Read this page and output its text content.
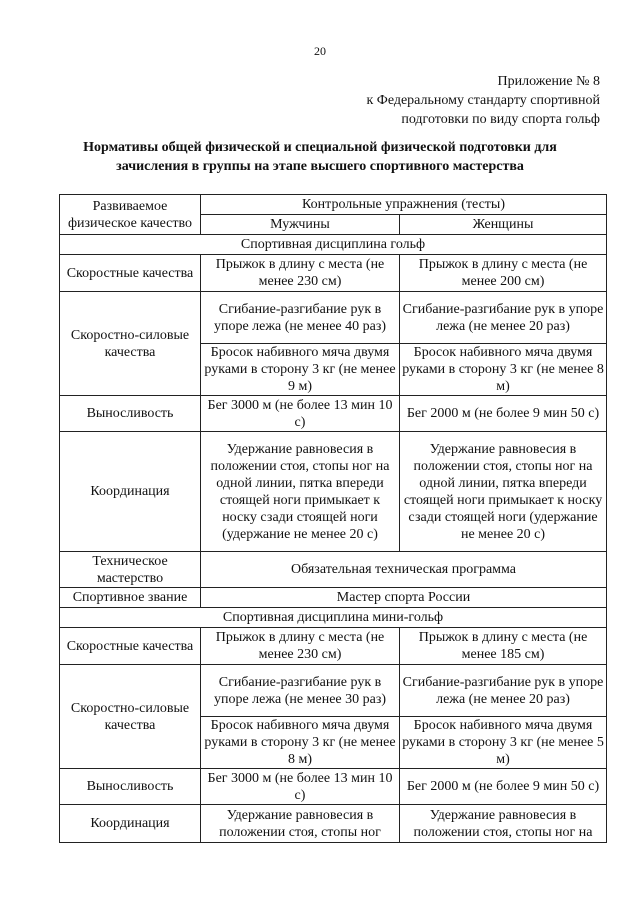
20
Приложение № 8
к Федеральному стандарту спортивной
подготовки по виду спорта гольф
Нормативы общей физической и специальной физической подготовки для
зачисления в группы на этапе высшего спортивного мастерства
Развиваемое физическое качество	Контрольные упражнения (тесты)	
	Мужчины	Женщины
Спортивная дисциплина гольф		
Скоростные качества	Прыжок в длину с места (не менее 230 см)	Прыжок в длину с места (не менее 200 см)
Скоростно-силовые качества	Сгибание-разгибание рук в упоре лежа (не менее 40 раз)	Сгибание-разгибание рук в упоре лежа (не менее 20 раз)
	Бросок набивного мяча двумя руками в сторону 3 кг (не менее 9 м)	Бросок набивного мяча двумя руками в сторону 3 кг (не менее 8 м)
Выносливость	Бег 3000 м (не более 13 мин 10 с)	Бег 2000 м (не более 9 мин 50 с)
Координация	Удержание равновесия в положении стоя, стопы ног на одной линии, пятка впереди стоящей ноги примыкает к носку сзади стоящей ноги (удержание не менее 20 с)	Удержание равновесия в положении стоя, стопы ног на одной линии, пятка впереди стоящей ноги примыкает к носку сзади стоящей ноги (удержание не менее 20 с)
Техническое мастерство	Обязательная техническая программа	
Спортивное звание	Мастер спорта России	
Спортивная дисциплина мини-гольф		
Скоростные качества	Прыжок в длину с места (не менее 230 см)	Прыжок в длину с места (не менее 185 см)
Скоростно-силовые качества	Сгибание-разгибание рук в упоре лежа (не менее 30 раз)	Сгибание-разгибание рук в упоре лежа (не менее 20 раз)
	Бросок набивного мяча двумя руками в сторону 3 кг (не менее 8 м)	Бросок набивного мяча двумя руками в сторону 3 кг (не менее 5 м)
Выносливость	Бег 3000 м (не более 13 мин 10 с)	Бег 2000 м (не более 9 мин 50 с)
Координация	Удержание равновесия в положении стоя, стопы ног	Удержание равновесия в положении стоя, стопы ног на
